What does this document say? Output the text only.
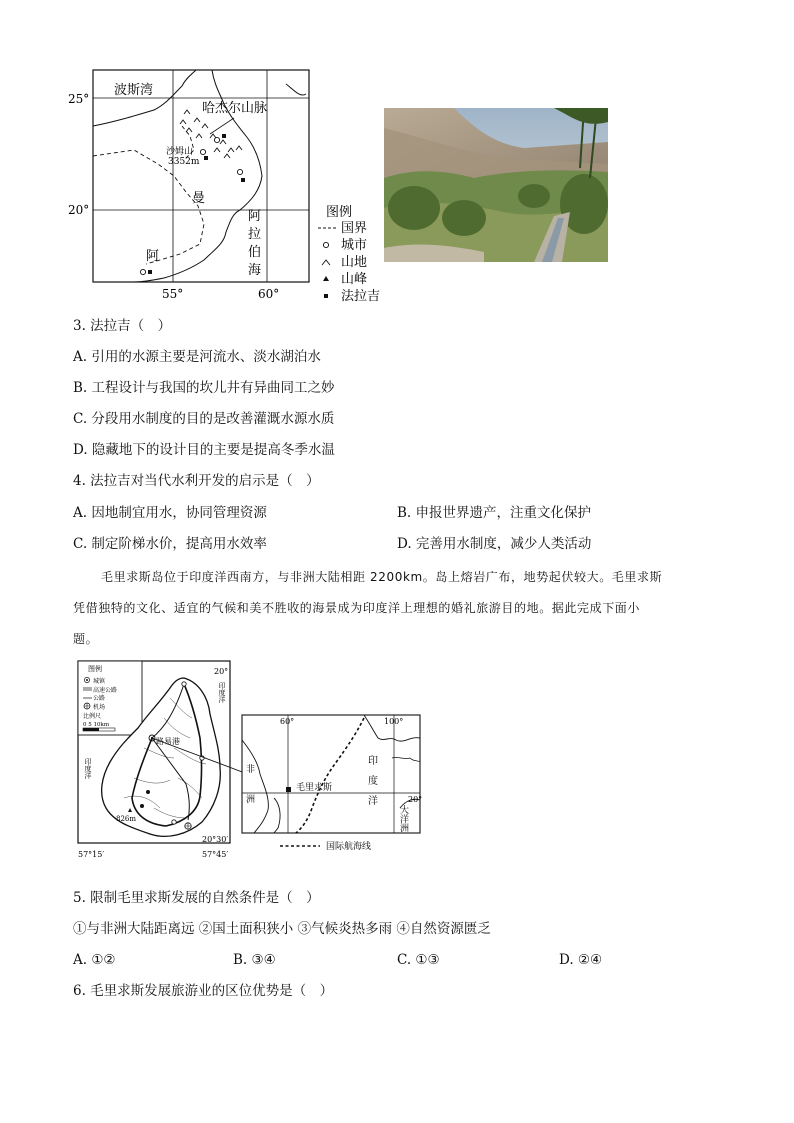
25°
20°
55°	60°
波斯湾
哈杰尔山脉
沙姆山
3352m
曼
阿
阿
拉
伯
海
图例
国界
城市
山地
山峰
法拉吉
3. 法拉吉（　）
A. 引用的水源主要是河流水、淡水湖泊水
B. 工程设计与我国的坎儿井有异曲同工之妙
C. 分段用水制度的目的是改善灌溉水源水质
D. 隐藏地下的设计目的主要是提高冬季水温
4. 法拉吉对当代水利开发的启示是（　）
A. 因地制宜用水，协同管理资源	B. 申报世界遗产，注重文化保护
C. 制定阶梯水价，提高用水效率	D. 完善用水制度，减少人类活动
毛里求斯岛位于印度洋西南方，与非洲大陆相距 2200km。岛上熔岩广布，地势起伏较大。毛里求斯
凭借独特的文化、适宜的气候和美不胜收的海景成为印度洋上理想的婚礼旅游目的地。据此完成下面小
题。
图例
城镇
高速公路
公路
机场
比例尺
0 5 10km
路易港
826m
20°
20°30′
57°15′	57°45′
印度洋
印度洋
60°	100°
20°
毛里求斯
印
度
洋
非
洲
大
洋
洲
国际航海线
5. 限制毛里求斯发展的自然条件是（　）
①与非洲大陆距离远 ②国土面积狭小 ③气候炎热多雨 ④自然资源匮乏
A. ①②	B. ③④	C. ①③	D. ②④
6. 毛里求斯发展旅游业的区位优势是（　）
